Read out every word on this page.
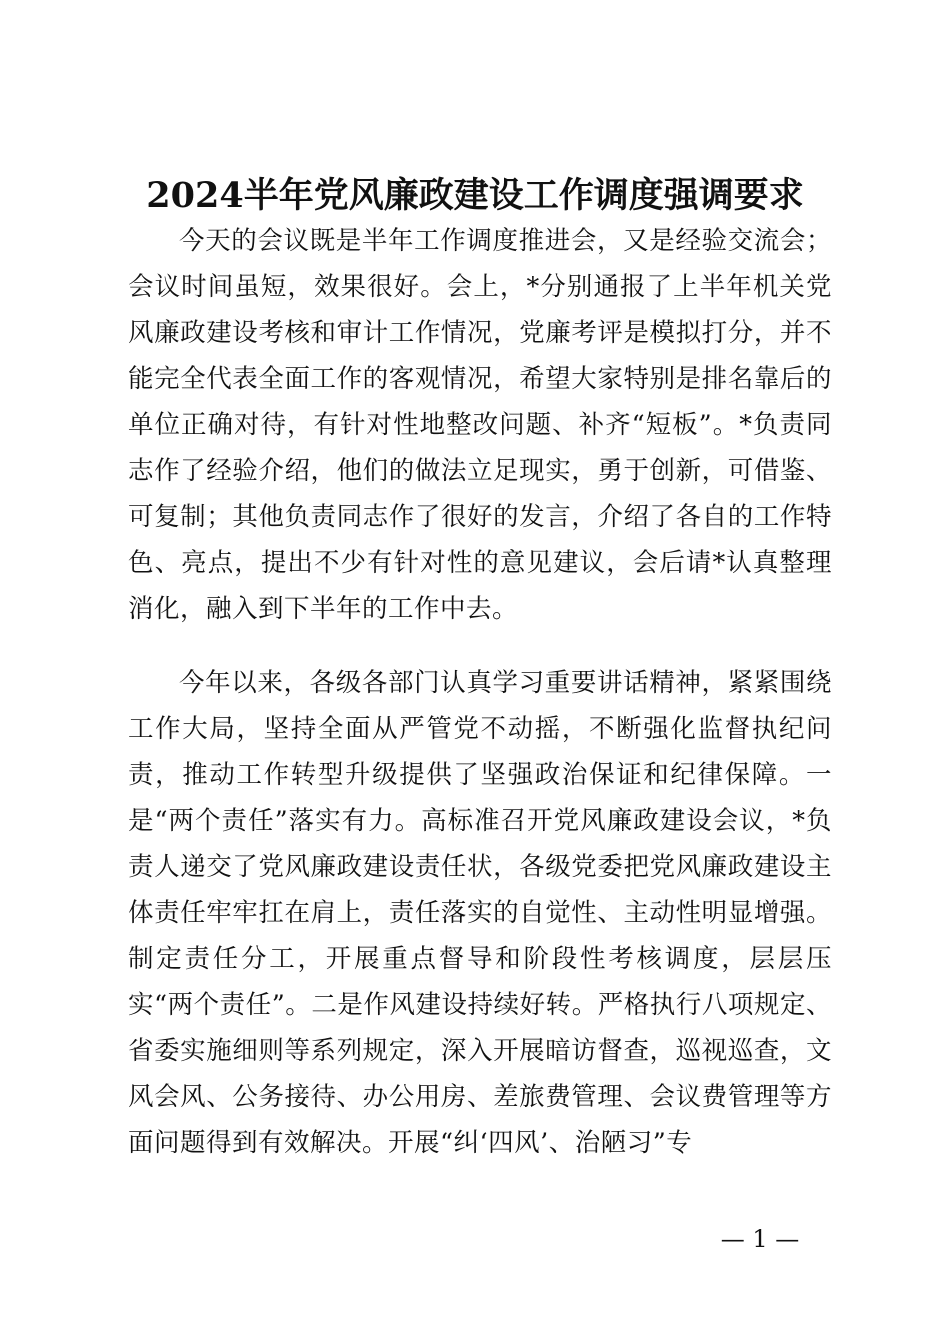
2024半年党风廉政建设工作调度强调要求

今天的会议既是半年工作调度推进会，又是经验交流会；会议时间虽短，效果很好。会上，*分别通报了上半年机关党风廉政建设考核和审计工作情况，党廉考评是模拟打分，并不能完全代表全面工作的客观情况，希望大家特别是排名靠后的单位正确对待，有针对性地整改问题、补齐“短板”。*负责同志作了经验介绍，他们的做法立足现实，勇于创新，可借鉴、可复制；其他负责同志作了很好的发言，介绍了各自的工作特色、亮点，提出不少有针对性的意见建议，会后请*认真整理消化，融入到下半年的工作中去。

今年以来，各级各部门认真学习重要讲话精神，紧紧围绕工作大局，坚持全面从严管党不动摇，不断强化监督执纪问责，推动工作转型升级提供了坚强政治保证和纪律保障。一是“两个责任”落实有力。高标准召开党风廉政建设会议，*负责人递交了党风廉政建设责任状，各级党委把党风廉政建设主体责任牢牢扛在肩上，责任落实的自觉性、主动性明显增强。制定责任分工，开展重点督导和阶段性考核调度，层层压实“两个责任”。二是作风建设持续好转。严格执行八项规定、省委实施细则等系列规定，深入开展暗访督查，巡视巡查，文风会风、公务接待、办公用房、差旅费管理、会议费管理等方面问题得到有效解决。开展“纠‘四风’、治陋习”专

— 1 —
